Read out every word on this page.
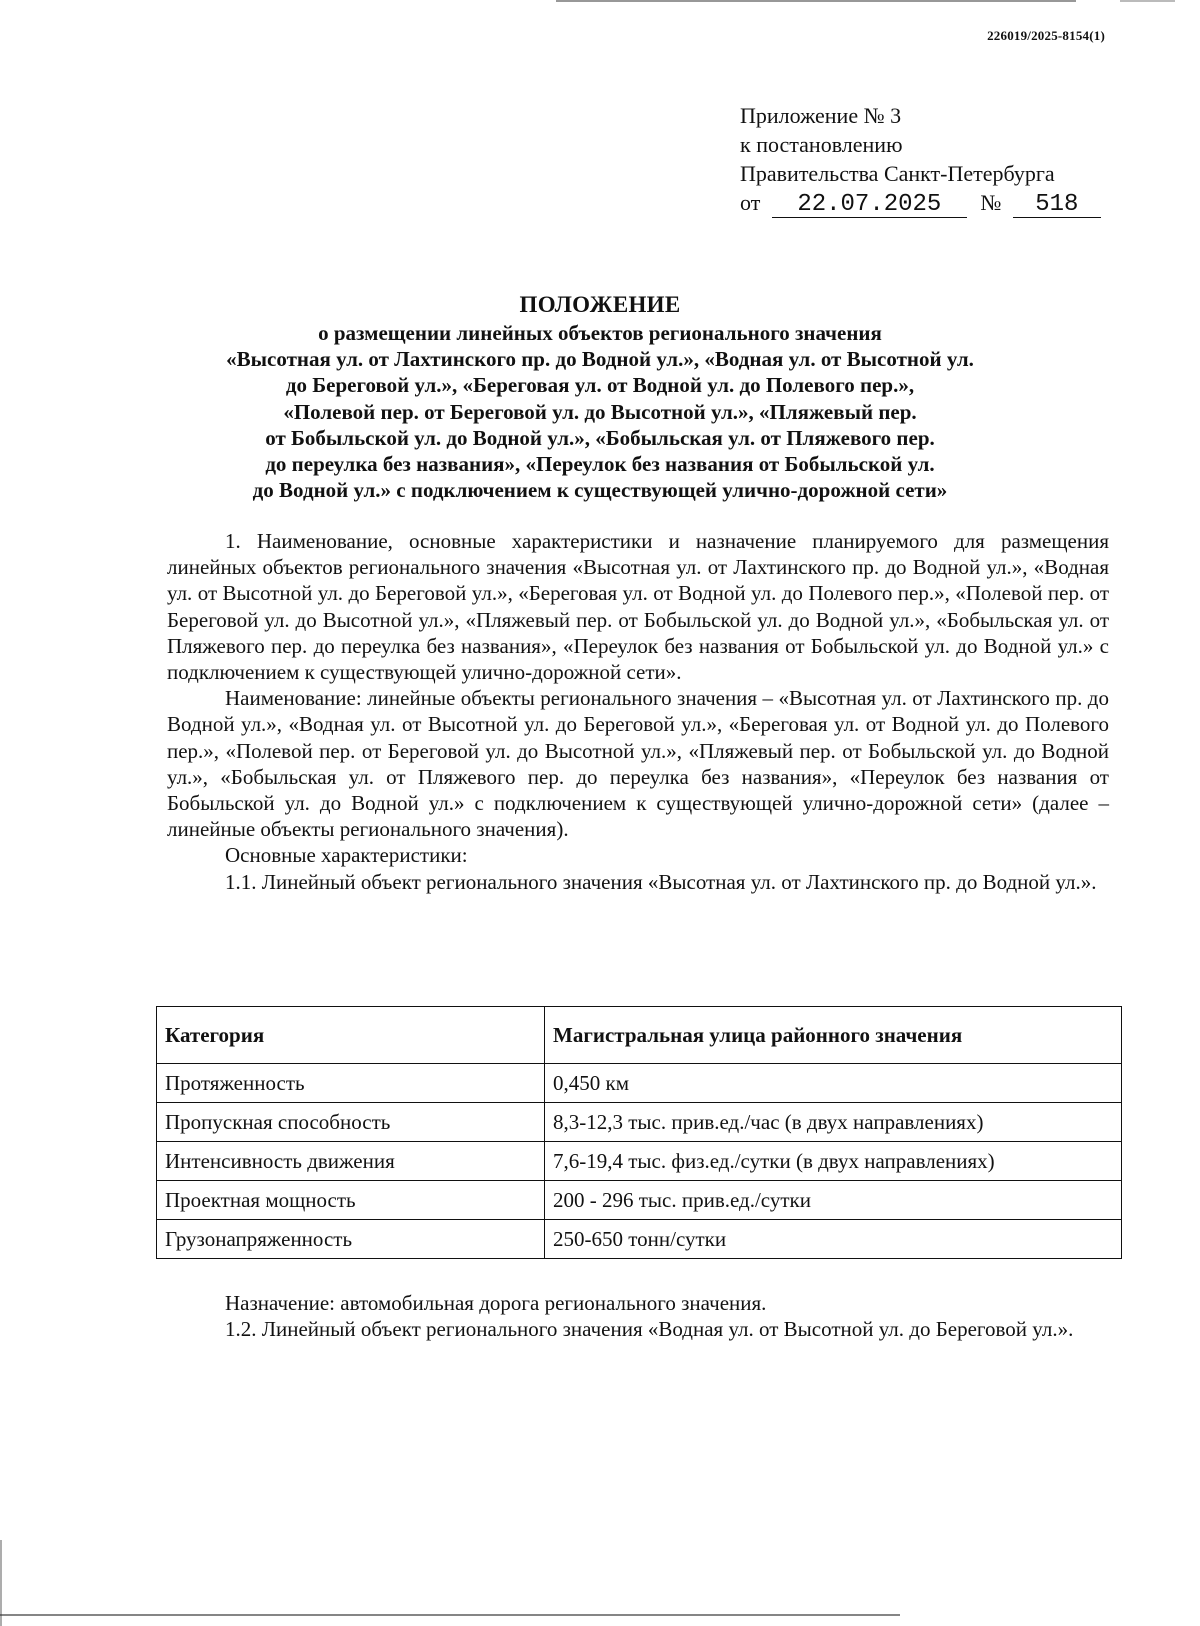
226019/2025-8154(1)
Приложение № 3
к постановлению
Правительства Санкт-Петербурга
от 22.07.2025 № 518
ПОЛОЖЕНИЕ
о размещении линейных объектов регионального значения
«Высотная ул. от Лахтинского пр. до Водной ул.», «Водная ул. от Высотной ул.
до Береговой ул.», «Береговая ул. от Водной ул. до Полевого пер.»,
«Полевой пер. от Береговой ул. до Высотной ул.», «Пляжевый пер.
от Бобыльской ул. до Водной ул.», «Бобыльская ул. от Пляжевого пер.
до переулка без названия», «Переулок без названия от Бобыльской ул.
до Водной ул.» с подключением к существующей улично-дорожной сети»

1. Наименование, основные характеристики и назначение планируемого для размещения линейных объектов регионального значения «Высотная ул. от Лахтинского пр. до Водной ул.», «Водная ул. от Высотной ул. до Береговой ул.», «Береговая ул. от Водной ул. до Полевого пер.», «Полевой пер. от Береговой ул. до Высотной ул.», «Пляжевый пер. от Бобыльской ул. до Водной ул.», «Бобыльская ул. от Пляжевого пер. до переулка без названия», «Переулок без названия от Бобыльской ул. до Водной ул.» с подключением к существующей улично-дорожной сети».

Наименование: линейные объекты регионального значения – «Высотная ул. от Лахтинского пр. до Водной ул.», «Водная ул. от Высотной ул. до Береговой ул.», «Береговая ул. от Водной ул. до Полевого пер.», «Полевой пер. от Береговой ул. до Высотной ул.», «Пляжевый пер. от Бобыльской ул. до Водной ул.», «Бобыльская ул. от Пляжевого пер. до переулка без названия», «Переулок без названия от Бобыльской ул. до Водной ул.» с подключением к существующей улично-дорожной сети» (далее – линейные объекты регионального значения).

Основные характеристики:

1.1. Линейный объект регионального значения «Высотная ул. от Лахтинского пр. до Водной ул.».

Категория	Магистральная улица районного значения
Протяженность	0,450 км
Пропускная способность	8,3-12,3 тыс. прив.ед./час (в двух направлениях)
Интенсивность движения	7,6-19,4 тыс. физ.ед./сутки (в двух направлениях)
Проектная мощность	200 - 296 тыс. прив.ед./сутки
Грузонапряженность	250-650 тонн/сутки

Назначение: автомобильная дорога регионального значения.

1.2. Линейный объект регионального значения «Водная ул. от Высотной ул. до Береговой ул.».
